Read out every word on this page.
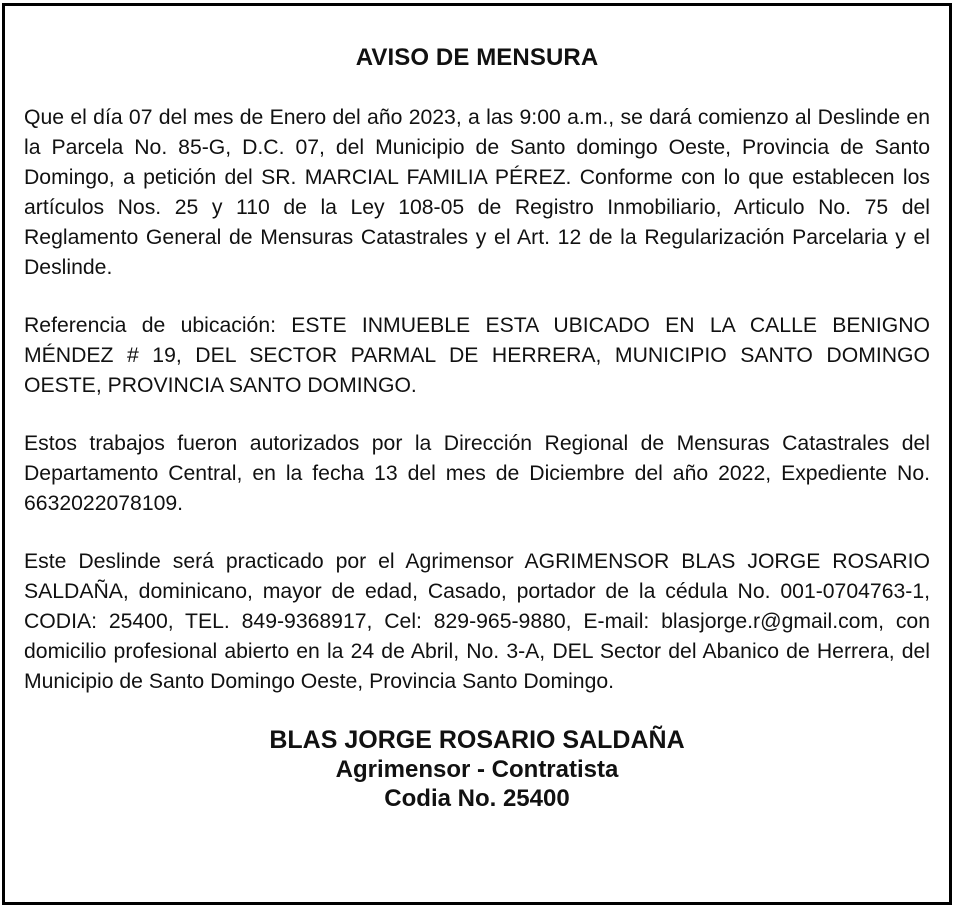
AVISO DE MENSURA

Que el día 07 del mes de Enero del año 2023, a las 9:00 a.m., se dará comienzo al Deslinde en la Parcela No. 85-G, D.C. 07, del Municipio de Santo domingo Oeste, Provincia de Santo Domingo, a petición del SR. MARCIAL FAMILIA PÉREZ. Conforme con lo que establecen los artículos Nos. 25 y 110 de la Ley 108-05 de Registro Inmobiliario, Articulo No. 75 del Reglamento General de Mensuras Catastrales y el Art. 12 de la Regularización Parcelaria y el Deslinde.

Referencia de ubicación: ESTE INMUEBLE ESTA UBICADO EN LA CALLE BENIGNO MÉNDEZ # 19, DEL SECTOR PARMAL DE HERRERA, MUNICIPIO SANTO DOMINGO OESTE, PROVINCIA SANTO DOMINGO.

Estos trabajos fueron autorizados por la Dirección Regional de Mensuras Catastrales del Departamento Central, en la fecha 13 del mes de Diciembre del año 2022, Expediente No. 6632022078109.

Este Deslinde será practicado por el Agrimensor AGRIMENSOR BLAS JORGE ROSARIO SALDAÑA, dominicano, mayor de edad, Casado, portador de la cédula No. 001-0704763-1, CODIA: 25400, TEL. 849-9368917, Cel: 829-965-9880, E-mail: blasjorge.r@gmail.com, con domicilio profesional abierto en la 24 de Abril, No. 3-A, DEL Sector del Abanico de Herrera, del Municipio de Santo Domingo Oeste, Provincia Santo Domingo.

BLAS JORGE ROSARIO SALDAÑA
Agrimensor - Contratista
Codia No. 25400
